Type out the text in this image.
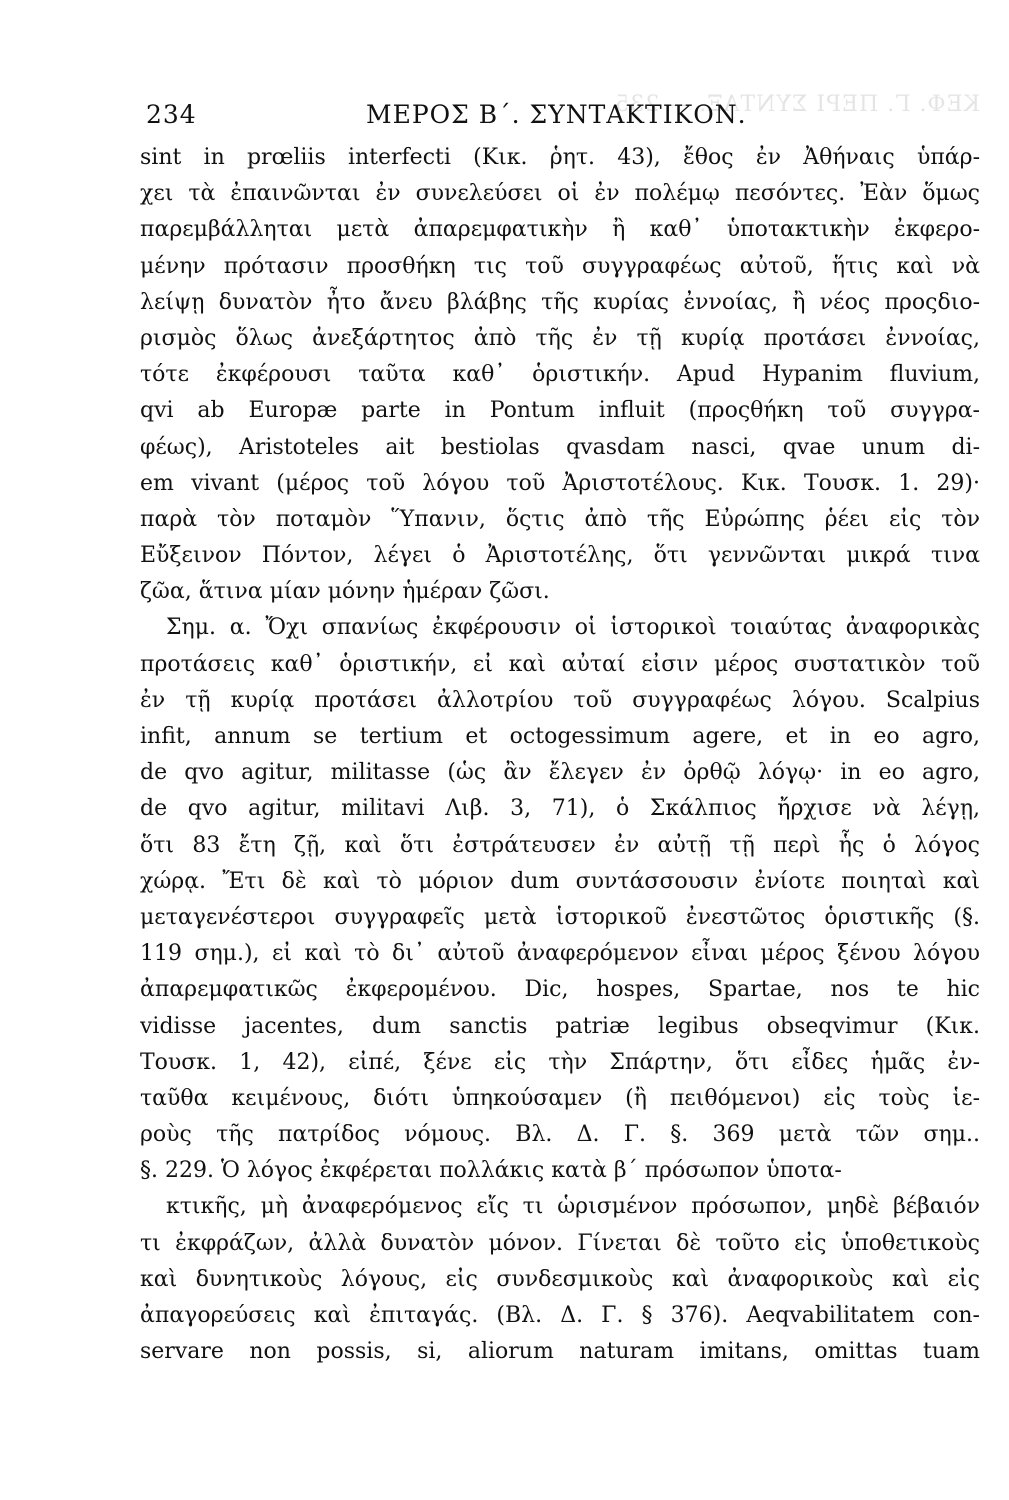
ΚΕΦ. Γ. ΠΕΡΙ ΣΥΝΤΑΞ. — 235
234	ΜΕΡΟΣ Β΄. ΣΥΝΤΑΚΤΙΚΟΝ.
sint in prœliis interfecti (Κικ. ῥητ. 43), ἔθος ἐν Ἀθήναις ὑπάρ-
χει τὰ ἐπαινῶνται ἐν συνελεύσει οἱ ἐν πολέμῳ πεσόντες. Ἐὰν ὅμως
παρεμβάλληται μετὰ ἀπαρεμφατικὴν ἢ καθ᾽ ὑποτακτικὴν ἐκφερο-
μένην πρότασιν προσθήκη τις τοῦ συγγραφέως αὐτοῦ, ἥτις καὶ νὰ
λείψῃ δυνατὸν ἦτο ἄνευ βλάβης τῆς κυρίας ἐννοίας, ἢ νέος προςδιο-
ρισμὸς ὅλως ἀνεξάρτητος ἀπὸ τῆς ἐν τῇ κυρίᾳ προτάσει ἐννοίας,
τότε ἐκφέρουσι ταῦτα καθ᾽ ὁριστικήν. Apud Hypanim fluvium,
qvi ab Europæ parte in Pontum influit (προςθήκη τοῦ συγγρα-
φέως), Aristoteles ait bestiolas qvasdam nasci, qvae unum di-
em vivant (μέρος τοῦ λόγου τοῦ Ἀριστοτέλους. Κικ. Τουσκ. 1. 29)·
παρὰ τὸν ποταμὸν Ὕπανιν, ὅςτις ἀπὸ τῆς Εὐρώπης ῥέει εἰς τὸν
Εὔξεινον Πόντον, λέγει ὁ Ἀριστοτέλης, ὅτι γεννῶνται μικρά τινα
ζῶα, ἅτινα μίαν μόνην ἡμέραν ζῶσι.
Σημ. α. Ὄχι σπανίως ἐκφέρουσιν οἱ ἱστορικοὶ τοιαύτας ἀναφορικὰς
προτάσεις καθ᾽ ὁριστικήν, εἰ καὶ αὐταί εἰσιν μέρος συστατικὸν τοῦ
ἐν τῇ κυρίᾳ προτάσει ἀλλοτρίου τοῦ συγγραφέως λόγου. Scalpius
infit, annum se tertium et octogessimum agere, et in eo agro,
de qvo agitur, militasse (ὡς ἂν ἔλεγεν ἐν ὀρθῷ λόγῳ· in eo agro,
de qvo agitur, militavi Λιβ. 3, 71), ὁ Σκάλπιος ἤρχισε νὰ λέγῃ,
ὅτι 83 ἔτη ζῇ, καὶ ὅτι ἐστράτευσεν ἐν αὐτῇ τῇ περὶ ἧς ὁ λόγος
χώρᾳ. Ἔτι δὲ καὶ τὸ μόριον dum συντάσσουσιν ἐνίοτε ποιηταὶ καὶ
μεταγενέστεροι συγγραφεῖς μετὰ ἱστορικοῦ ἐνεστῶτος ὁριστικῆς (§.
119 σημ.), εἰ καὶ τὸ δι᾽ αὐτοῦ ἀναφερόμενον εἶναι μέρος ξένου λόγου
ἀπαρεμφατικῶς ἐκφερομένου. Dic, hospes, Spartae, nos te hic
vidisse jacentes, dum sanctis patriæ legibus obseqvimur (Κικ.
Τουσκ. 1, 42), εἰπέ, ξένε εἰς τὴν Σπάρτην, ὅτι εἶδες ἡμᾶς ἐν-
ταῦθα κειμένους, διότι ὑπηκούσαμεν (ἢ πειθόμενοι) εἰς τοὺς ἱε-
ροὺς τῆς πατρίδος νόμους. Βλ. Δ. Γ. §. 369 μετὰ τῶν σημ..
§. 229. Ὁ λόγος ἐκφέρεται πολλάκις κατὰ β΄ πρόσωπον ὑποτα-
κτικῆς, μὴ ἀναφερόμενος εἴς τι ὡρισμένον πρόσωπον, μηδὲ βέβαιόν
τι ἐκφράζων, ἀλλὰ δυνατὸν μόνον. Γίνεται δὲ τοῦτο εἰς ὑποθετικοὺς
καὶ δυνητικοὺς λόγους, εἰς συνδεσμικοὺς καὶ ἀναφορικοὺς καὶ εἰς
ἀπαγορεύσεις καὶ ἐπιταγάς. (Βλ. Δ. Γ. § 376). Aeqvabilitatem con-
servare non possis, si, aliorum naturam imitans, omittas tuam
